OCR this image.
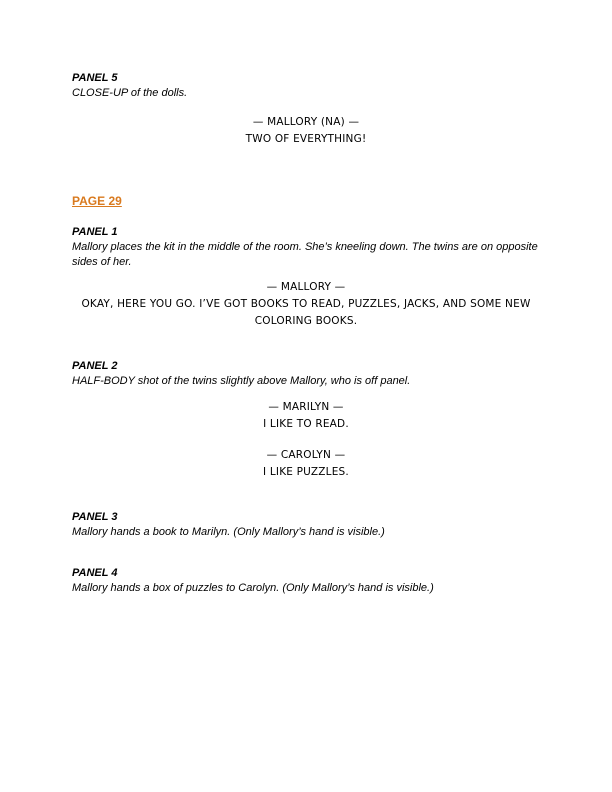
PANEL 5

CLOSE-UP of the dolls.

— MALLORY (NA) —

TWO OF EVERYTHING!

PAGE 29

PANEL 1

Mallory places the kit in the middle of the room. She’s kneeling down. The twins are on opposite sides of her.

— MALLORY —

OKAY, HERE YOU GO. I’VE GOT BOOKS TO READ, PUZZLES, JACKS, AND SOME NEW COLORING BOOKS.

PANEL 2

HALF-BODY shot of the twins slightly above Mallory, who is off panel.

— MARILYN —

I LIKE TO READ.

— CAROLYN —

I LIKE PUZZLES.

PANEL 3

Mallory hands a book to Marilyn. (Only Mallory’s hand is visible.)

PANEL 4

Mallory hands a box of puzzles to Carolyn. (Only Mallory’s hand is visible.)
